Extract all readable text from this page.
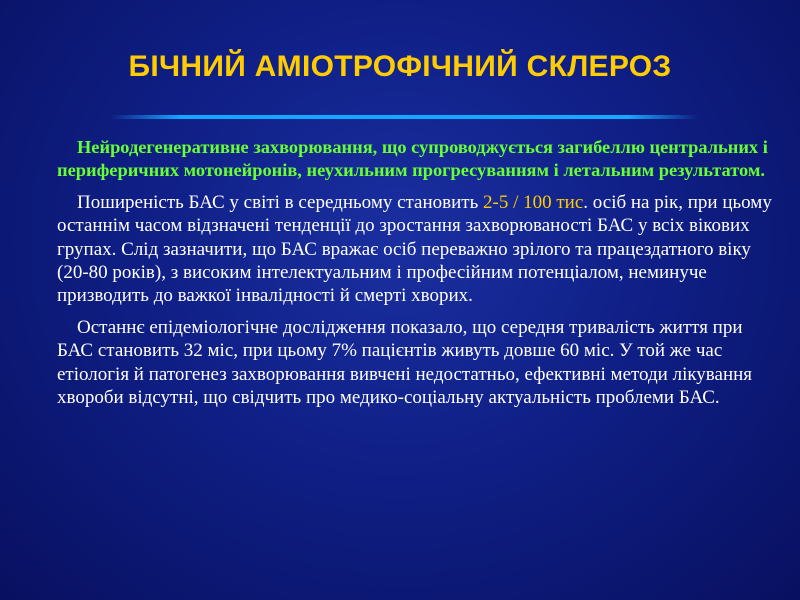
БІЧНИЙ АМІОТРОФІЧНИЙ СКЛЕРОЗ

Нейродегенеративне захворювання, що супроводжується загибеллю центральних і периферичних мотонейронів, неухильним прогресуванням і летальним результатом.

Поширеність БАС у світі в середньому становить 2-5 / 100 тис. осіб на рік, при цьому останнім часом відзначені тенденції до зростання захворюваності БАС у всіх вікових групах. Слід зазначити, що БАС вражає осіб переважно зрілого та працездатного віку (20-80 років), з високим інтелектуальним і професійним потенціалом, неминуче призводить до важкої інвалідності й смерті хворих.

Останнє епідеміологічне дослідження показало, що середня тривалість життя при БАС становить 32 міс, при цьому 7% пацієнтів живуть довше 60 міс. У той же час етіологія й патогенез захворювання вивчені недостатньо, ефективні методи лікування хвороби відсутні, що свідчить про медико-соціальну актуальність проблеми БАС.
